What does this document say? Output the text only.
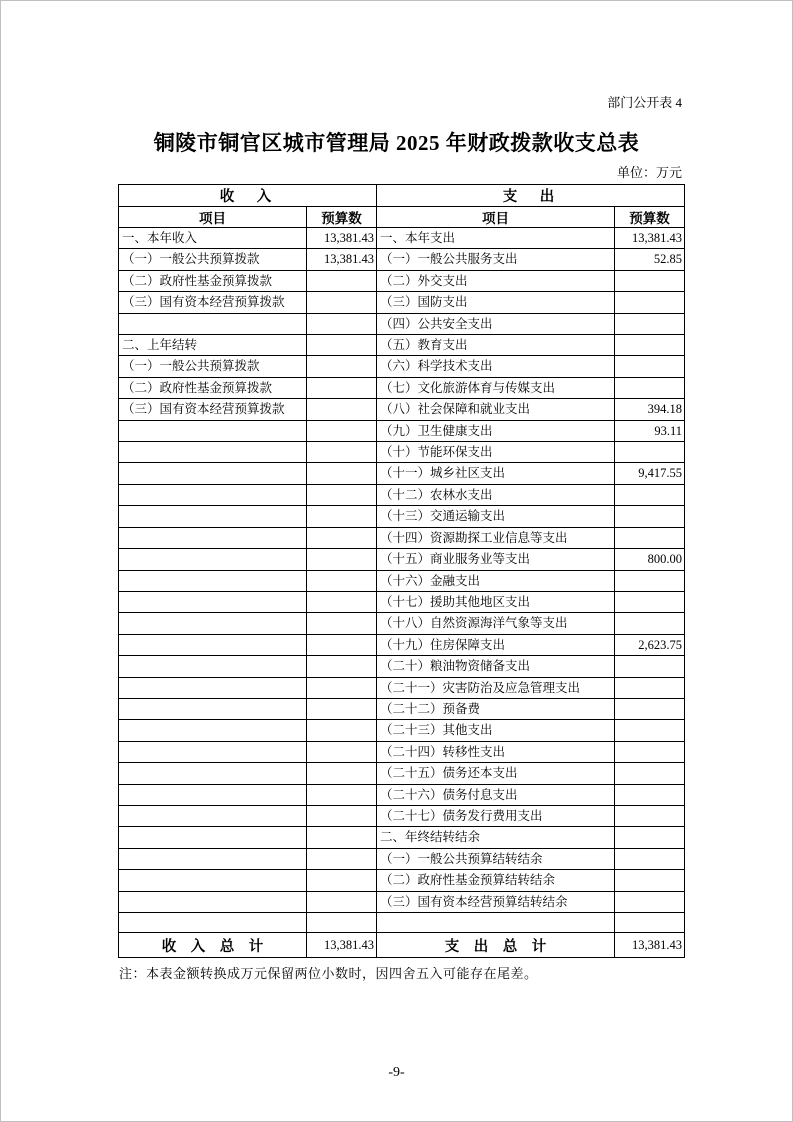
部门公开表 4
铜陵市铜官区城市管理局 2025 年财政拨款收支总表
单位：万元
收　入		支　出	
项目	预算数	项目	预算数
一、本年收入	13,381.43	一、本年支出	13,381.43
（一）一般公共预算拨款	13,381.43	（一）一般公共服务支出	52.85
（二）政府性基金预算拨款		（二）外交支出	
（三）国有资本经营预算拨款		（三）国防支出	
		（四）公共安全支出	
二、上年结转		（五）教育支出	
（一）一般公共预算拨款		（六）科学技术支出	
（二）政府性基金预算拨款		（七）文化旅游体育与传媒支出	
（三）国有资本经营预算拨款		（八）社会保障和就业支出	394.18
		（九）卫生健康支出	93.11
		（十）节能环保支出	
		（十一）城乡社区支出	9,417.55
		（十二）农林水支出	
		（十三）交通运输支出	
		（十四）资源勘探工业信息等支出	
		（十五）商业服务业等支出	800.00
		（十六）金融支出	
		（十七）援助其他地区支出	
		（十八）自然资源海洋气象等支出	
		（十九）住房保障支出	2,623.75
		（二十）粮油物资储备支出	
		（二十一）灾害防治及应急管理支出	
		（二十二）预备费	
		（二十三）其他支出	
		（二十四）转移性支出	
		（二十五）债务还本支出	
		（二十六）债务付息支出	
		（二十七）债务发行费用支出	
		二、年终结转结余	
		（一）一般公共预算结转结余	
		（二）政府性基金预算结转结余	
		（三）国有资本经营预算结转结余	

收　入　总　计	13,381.43	支　出　总　计	13,381.43
注：本表金额转换成万元保留两位小数时，因四舍五入可能存在尾差。
-9-
